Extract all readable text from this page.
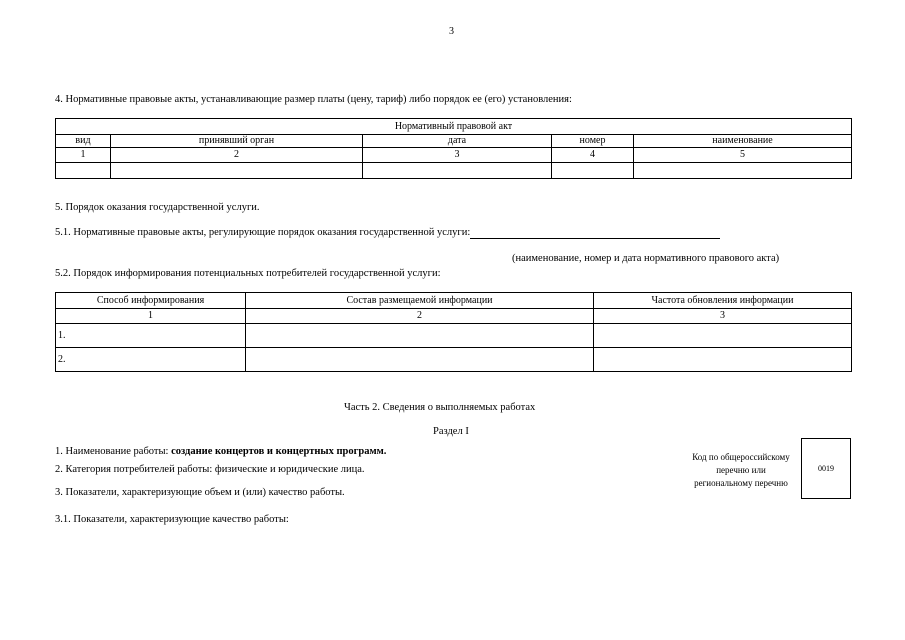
3
4. Нормативные правовые акты, устанавливающие размер платы (цену, тариф) либо порядок ее (его) установления:
Нормативный правовой акт				
вид	принявший орган	дата	номер	наименование
1	2	3	4	5

5. Порядок оказания государственной услуги.
5.1. Нормативные правовые акты, регулирующие порядок оказания государственной услуги:
(наименование, номер и дата нормативного правового акта)
5.2. Порядок информирования потенциальных потребителей государственной услуги:
Способ информирования	Состав размещаемой информации	Частота обновления информации
1	2	3
1.		
2.		
Часть 2. Сведения о выполняемых работах
Раздел I
1. Наименование работы: создание концертов и концертных программ.
2. Категория потребителей работы: физические и юридические лица.
3. Показатели, характеризующие объем и (или) качество работы.
3.1. Показатели, характеризующие качество работы:
Код по общероссийскому
перечню или
региональному перечню
0019
